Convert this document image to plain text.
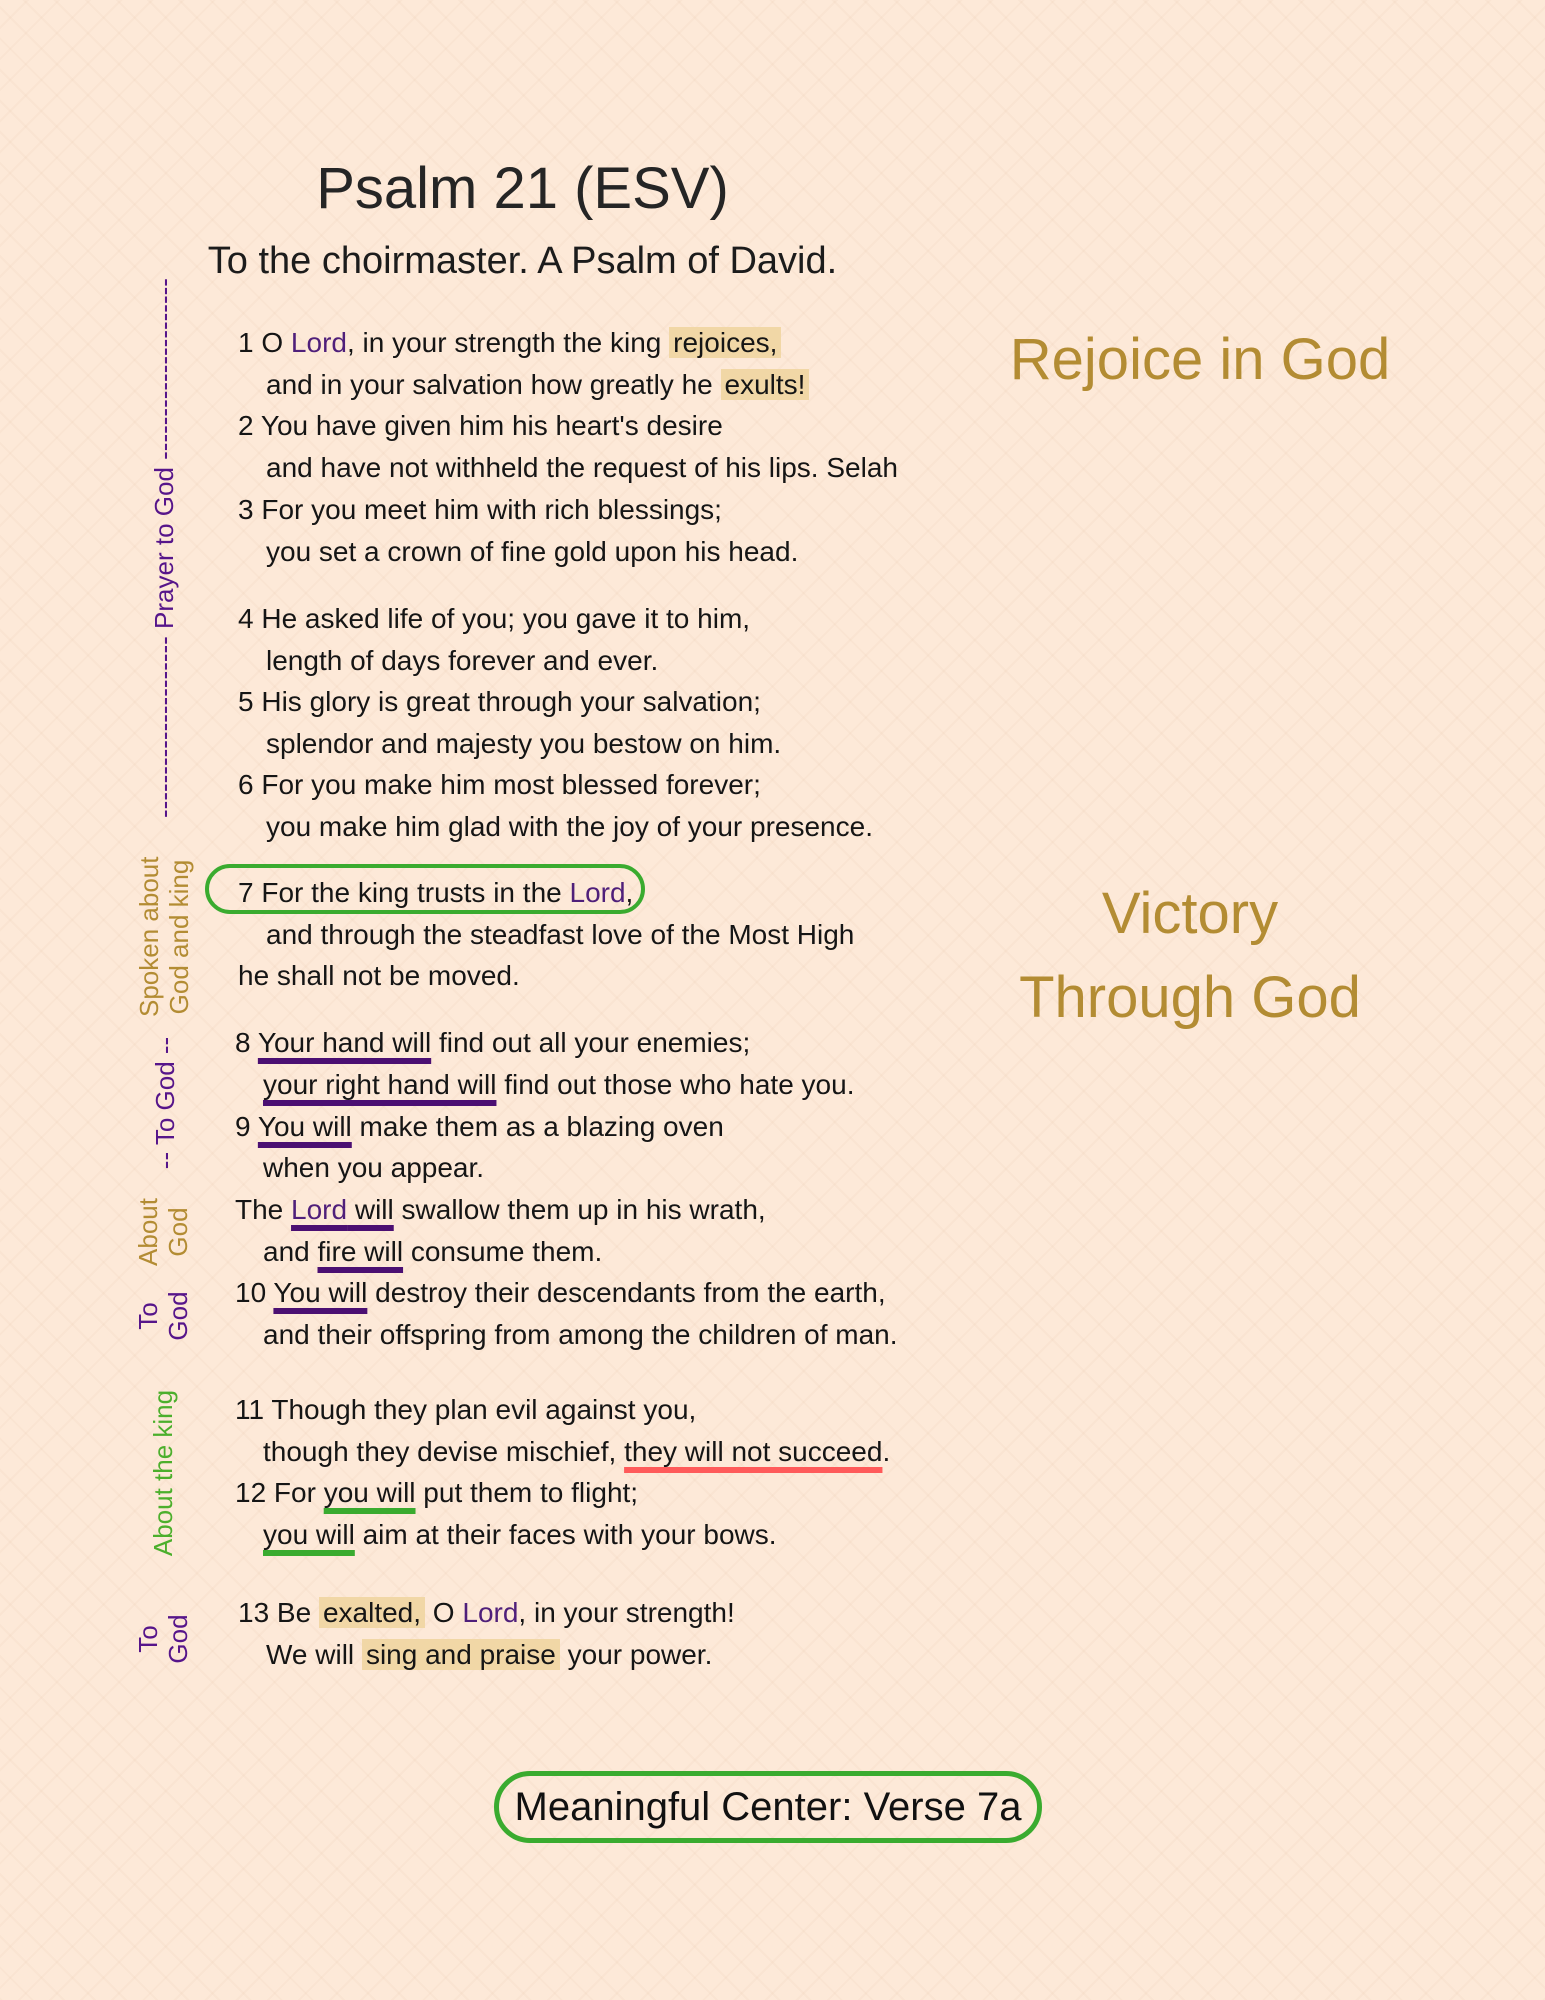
Psalm 21 (ESV)
To the choirmaster. A Psalm of David.
Rejoice in God
Victory
Through God
--------------------- Prayer to God ---------------------
Spoken about God and king
-- To God --
About God
To God
About the king
To God
1 O Lord, in your strength the king rejoices,
and in your salvation how greatly he exults!
2 You have given him his heart's desire
and have not withheld the request of his lips. Selah
3 For you meet him with rich blessings;
you set a crown of fine gold upon his head.
4 He asked life of you; you gave it to him,
length of days forever and ever.
5 His glory is great through your salvation;
splendor and majesty you bestow on him.
6 For you make him most blessed forever;
you make him glad with the joy of your presence.
7 For the king trusts in the Lord,
and through the steadfast love of the Most High
he shall not be moved.
8 Your hand will find out all your enemies;
your right hand will find out those who hate you.
9 You will make them as a blazing oven
when you appear.
The Lord will swallow them up in his wrath,
and fire will consume them.
10 You will destroy their descendants from the earth,
and their offspring from among the children of man.
11 Though they plan evil against you,
though they devise mischief, they will not succeed.
12 For you will put them to flight;
you will aim at their faces with your bows.
13 Be exalted, O Lord, in your strength!
We will sing and praise your power.
Meaningful Center: Verse 7a
